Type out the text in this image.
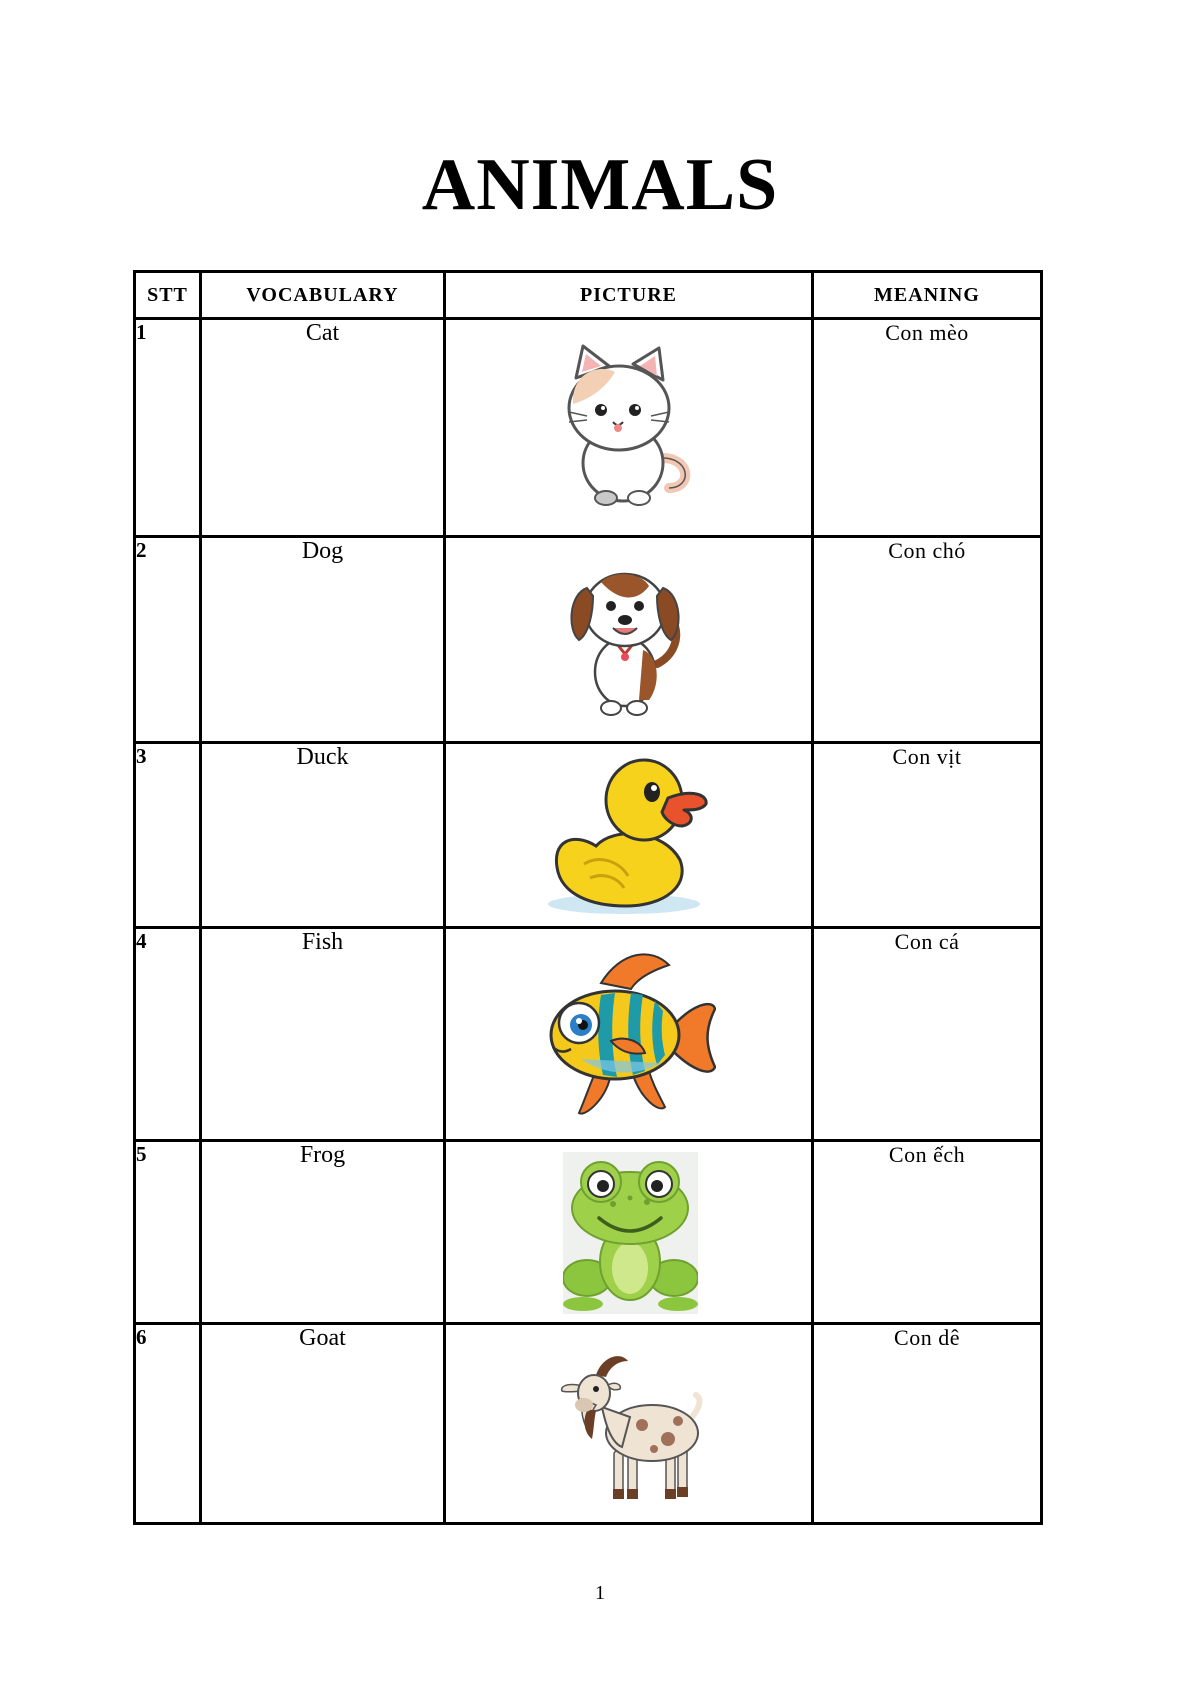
ANIMALS
STT	VOCABULARY	PICTURE	MEANING
1	Cat		Con mèo
2	Dog		Con chó
3	Duck		Con vịt
4	Fish		Con cá
5	Frog		Con ếch
6	Goat		Con dê
1
